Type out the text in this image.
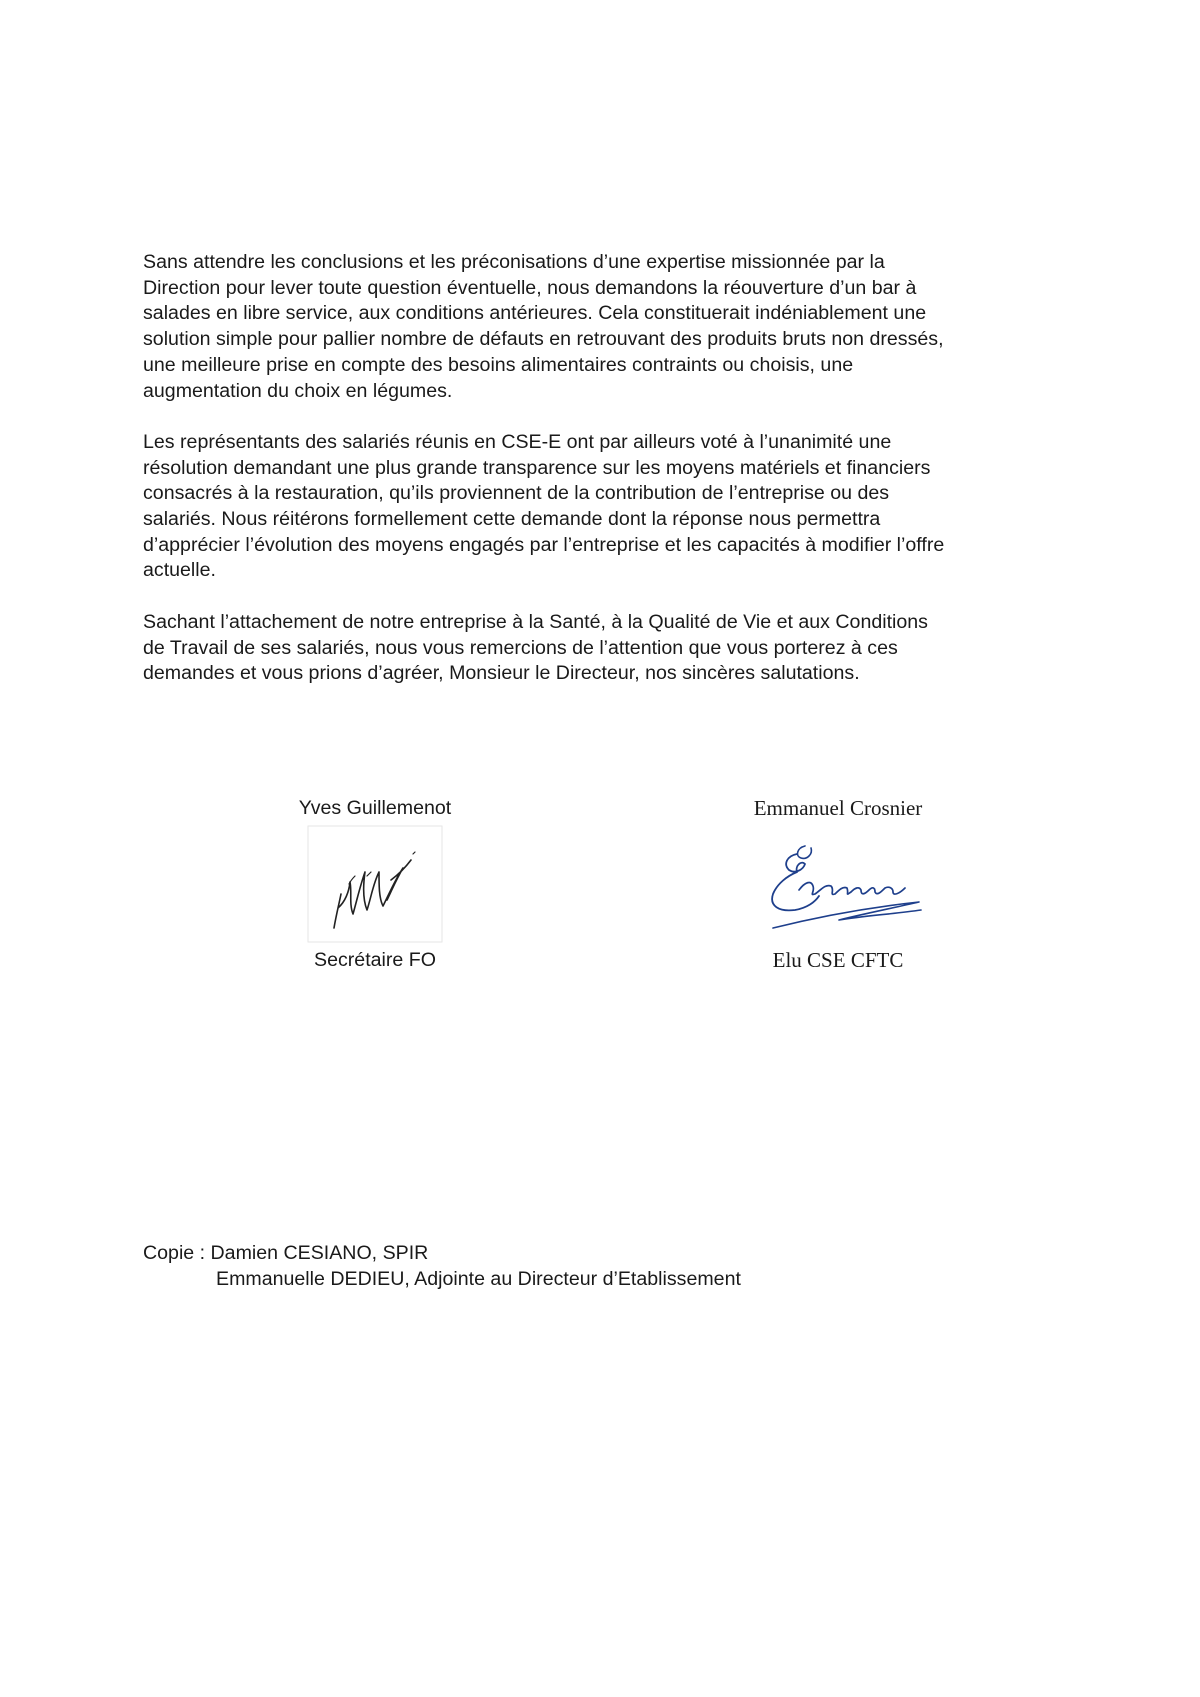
Sans attendre les conclusions et les préconisations d’une expertise missionnée par la
Direction pour lever toute question éventuelle, nous demandons la réouverture d’un bar à
salades en libre service, aux conditions antérieures. Cela constituerait indéniablement une
solution simple pour pallier nombre de défauts en retrouvant des produits bruts non dressés,
une meilleure prise en compte des besoins alimentaires contraints ou choisis, une
augmentation du choix en légumes.

Les représentants des salariés réunis en CSE-E ont par ailleurs voté à l’unanimité une
résolution demandant une plus grande transparence sur les moyens matériels et financiers
consacrés à la restauration, qu’ils proviennent de la contribution de l’entreprise ou des
salariés. Nous réitérons formellement cette demande dont la réponse nous permettra
d’apprécier l’évolution des moyens engagés par l’entreprise et les capacités à modifier l’offre
actuelle.

Sachant l’attachement de notre entreprise à la Santé, à la Qualité de Vie et aux Conditions
de Travail de ses salariés, nous vous remercions de l’attention que vous porterez à ces
demandes et vous prions d’agréer, Monsieur le Directeur, nos sincères salutations.

Yves Guillemenot
Secrétaire FO
Emmanuel Crosnier
Elu CSE CFTC
Copie : Damien CESIANO, SPIR
Emmanuelle DEDIEU, Adjointe au Directeur d’Etablissement
